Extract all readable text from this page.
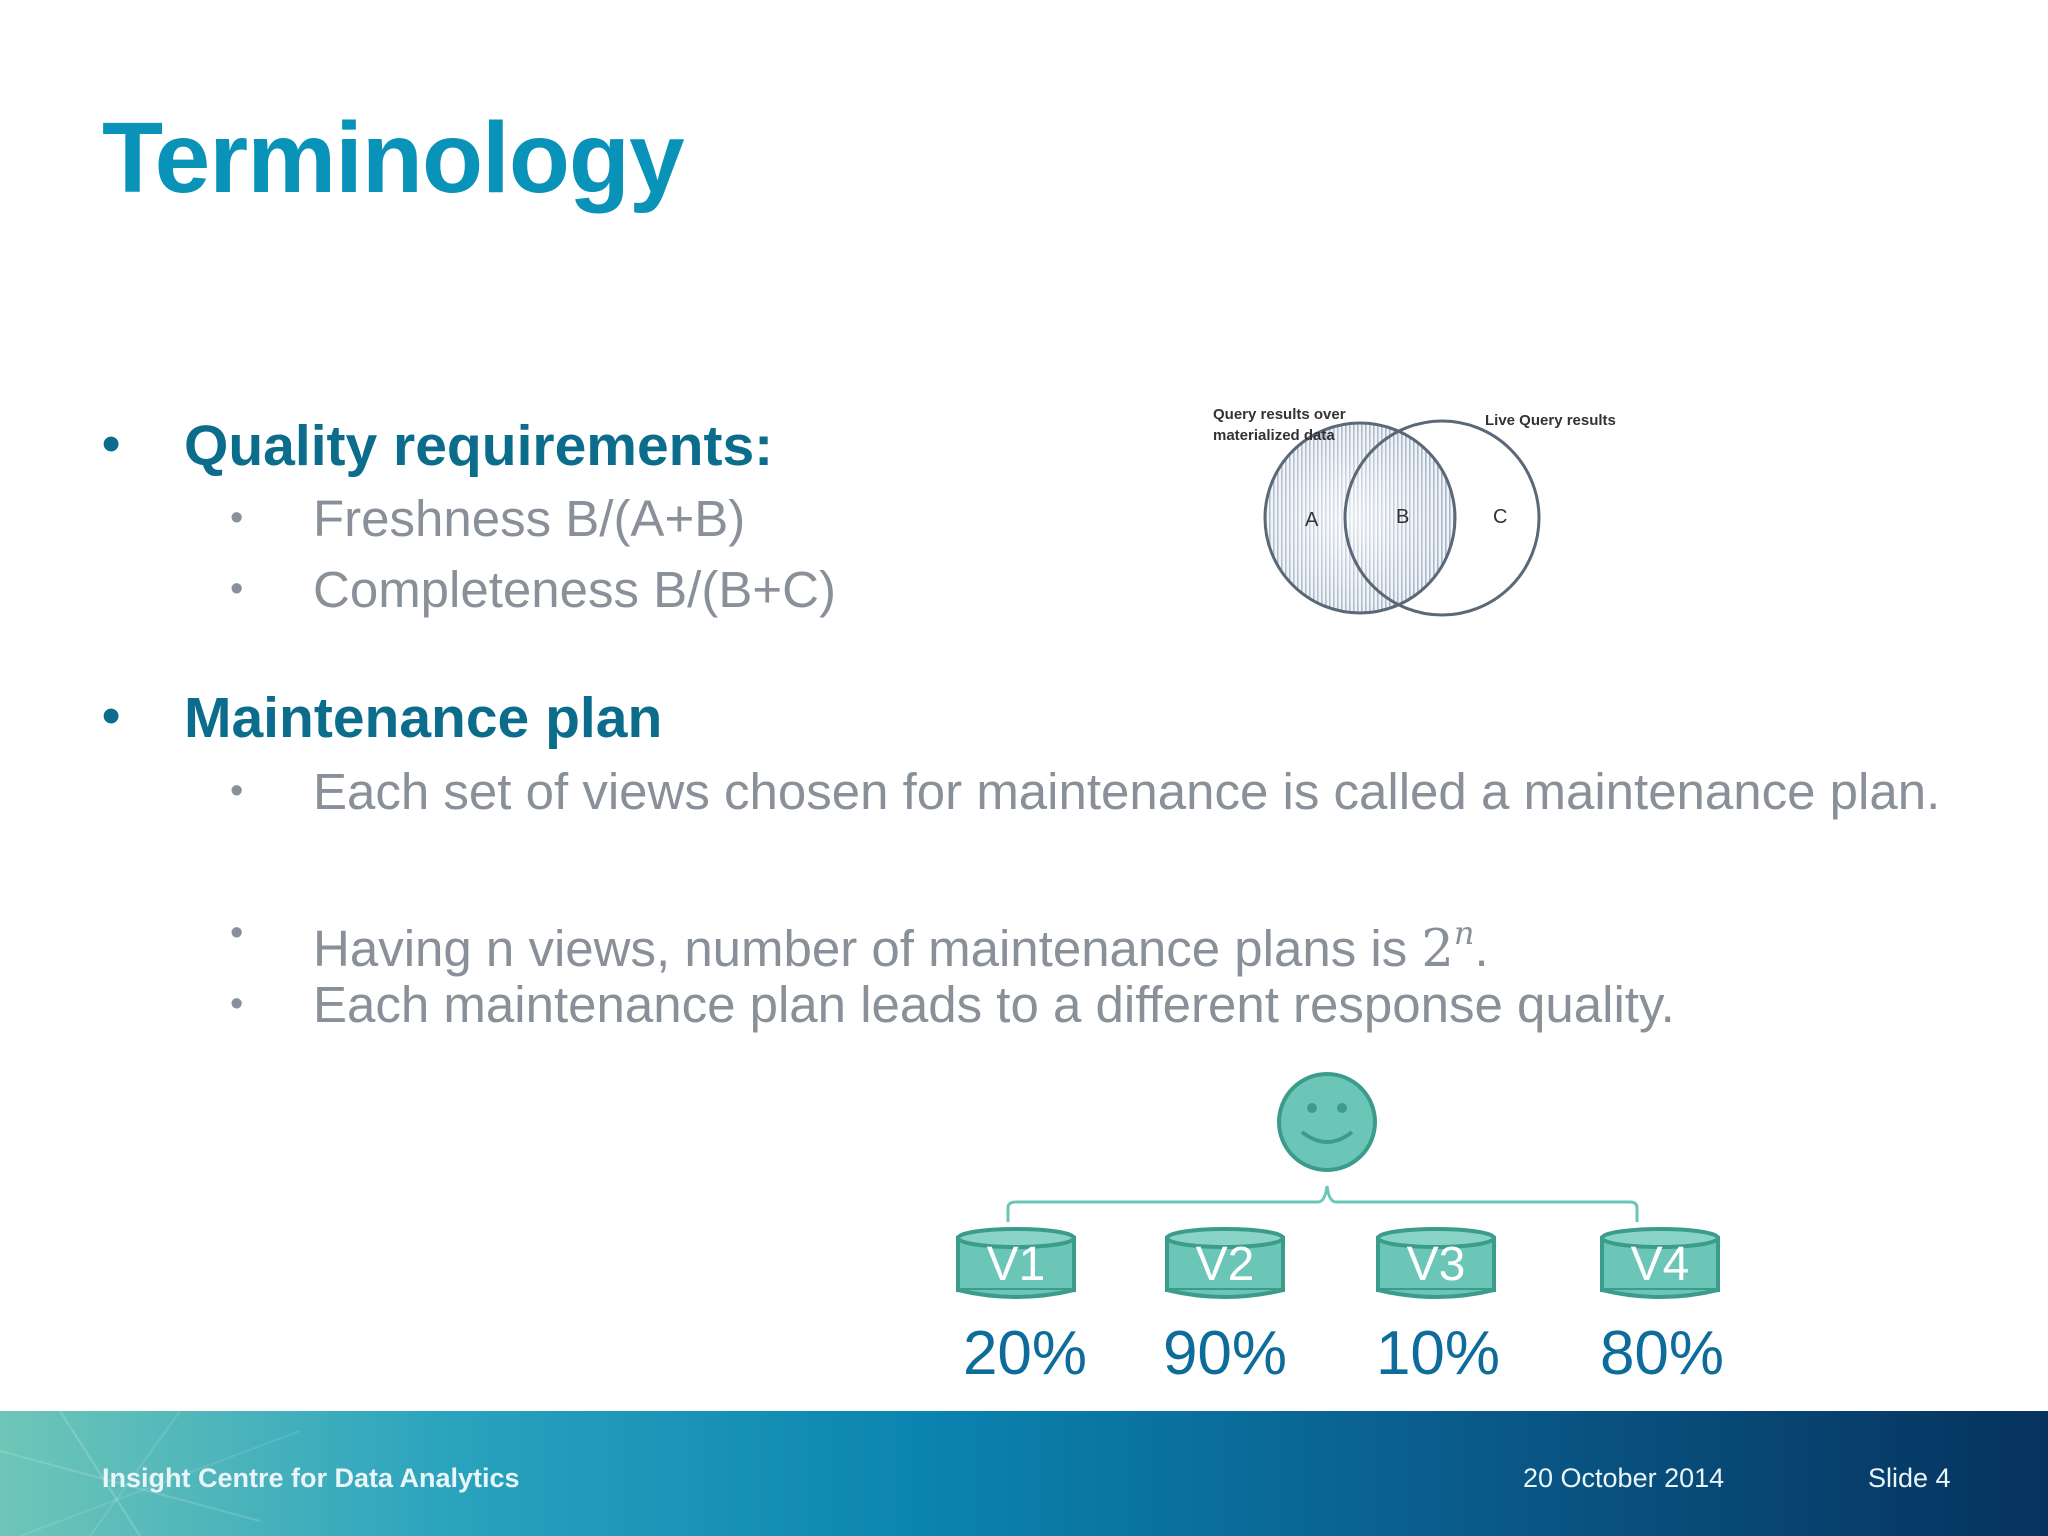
Terminology
• Quality requirements:
• Freshness B/(A+B)
• Completeness B/(B+C)
• Maintenance plan
• Each set of views chosen for maintenance is called a maintenance plan.
• Having n views, number of maintenance plans is 2$^n$.
• Each maintenance plan leads to a different response quality.
Query results over
materialized data
Live Query results
A	B	C
V1	V2	V3	V4
20% 90% 10% 80%
Insight Centre for Data Analytics	20 October 2014	Slide 4
